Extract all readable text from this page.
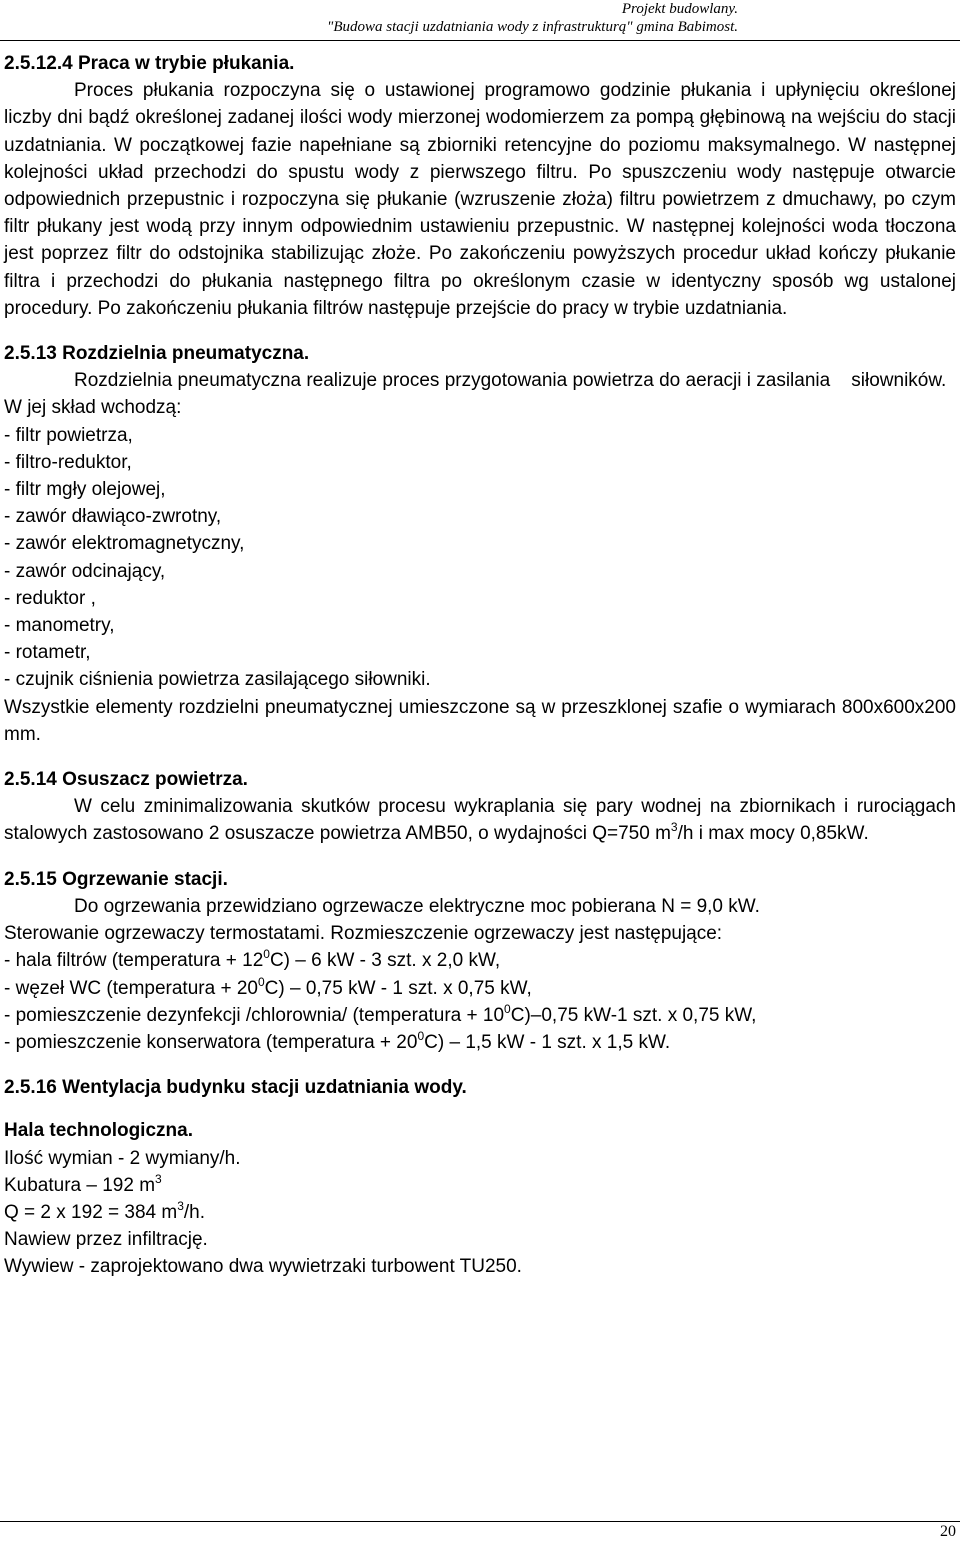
Projekt budowlany.
"Budowa stacji uzdatniania wody z infrastrukturą" gmina Babimost.

2.5.12.4 Praca w trybie płukania.

Proces płukania rozpoczyna się o ustawionej programowo godzinie płukania i upłynięciu określonej liczby dni bądź określonej zadanej ilości wody mierzonej wodomierzem za pompą głębinową na wejściu do stacji uzdatniania. W początkowej fazie napełniane są zbiorniki retencyjne do poziomu maksymalnego. W następnej kolejności układ przechodzi do spustu wody z pierwszego filtru. Po spuszczeniu wody następuje otwarcie odpowiednich przepustnic i rozpoczyna się płukanie (wzruszenie złoża) filtru powietrzem z dmuchawy, po czym filtr płukany jest wodą przy innym odpowiednim ustawieniu przepustnic. W następnej kolejności woda tłoczona jest poprzez filtr do odstojnika stabilizując złoże. Po zakończeniu powyższych procedur układ kończy płukanie filtra i przechodzi do płukania następnego filtra po określonym czasie w identyczny sposób wg ustalonej procedury. Po zakończeniu płukania filtrów następuje przejście do pracy w trybie uzdatniania.

2.5.13 Rozdzielnia pneumatyczna.

Rozdzielnia pneumatyczna realizuje proces przygotowania powietrza do aeracji i zasilania    siłowników.

W jej skład wchodzą:

- filtr powietrza,

- filtro-reduktor,

- filtr mgły olejowej,

- zawór dławiąco-zwrotny,

- zawór elektromagnetyczny,

- zawór odcinający,

- reduktor ,

- manometry,

- rotametr,

- czujnik ciśnienia powietrza zasilającego siłowniki.

Wszystkie elementy rozdzielni pneumatycznej umieszczone są w przeszklonej szafie o wymiarach 800x600x200 mm.

2.5.14 Osuszacz powietrza.

W celu zminimalizowania skutków procesu wykraplania się pary wodnej na zbiornikach i rurociągach stalowych zastosowano 2 osuszacze powietrza AMB50, o wydajności Q=750 $m^3/h$ i max mocy 0,85kW.

2.5.15 Ogrzewanie stacji.

Do ogrzewania przewidziano ogrzewacze elektryczne moc pobierana N = 9,0 kW.

Sterowanie ogrzewaczy termostatami. Rozmieszczenie ogrzewaczy jest następujące:

- hala filtrów (temperatura + $12^0C) - 6$ kW - 3 szt. x 2,0 kW,

- węzeł WC (temperatura + $20^0C) - 0,75$ kW - 1 szt. x 0,75 kW,

- pomieszczenie dezynfekcji /chlorownia/ (temperatura + $10^0C)-0,75$ kW-1 szt. x 0,75 kW,

- pomieszczenie konserwatora (temperatura + $20^0C) - 1,5$ kW - 1 szt. x 1,5 kW.

2.5.16 Wentylacja budynku stacji uzdatniania wody.

Hala technologiczna.

Ilość wymian - 2 wymiany/h.

Kubatura – 192 $m^3$

Q = 2 x 192 = 384 $m^3/h$.

Nawiew przez infiltrację.

Wywiew - zaprojektowano dwa wywietrzaki turbowent TU250.

20
